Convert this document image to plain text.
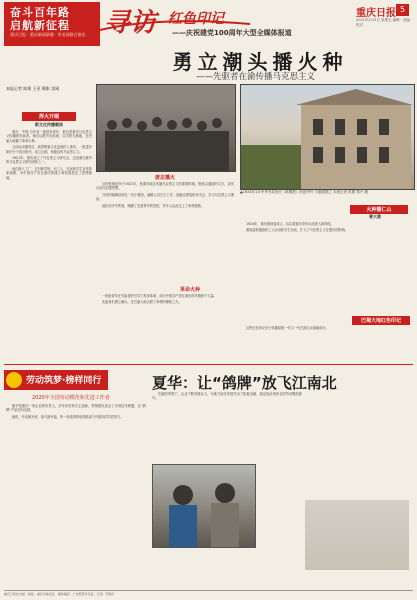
奋斗百年路
启航新征程
重庆日报 · 重庆新闻联播 · 华龙网联合推出 寻访 红色印记
——庆祝建党100周年大型全媒体报道
重庆日报 5
2021年2月5日 星期五 编辑 · 美编 · 校对
勇立潮头播火种
——先驱者在渝传播马克思主义
▲1924年1月中华书局发行《新蜀报》的创刊号 与版面图之 本报记者 供图 郑兴 摄
本报记者 陈维 王亚 摄影 雷刚
挥火开端
新文化传播载体

重庆，中国·百年前一批进步青年，他们是重庆马克思主义传播的先驱者。他们以报刊为阵地，以学校为基地，在巴渝大地播下革命火种。

五四运动爆发后，新思想新文化迅速传入重庆。一批进步知识分子创办报刊、成立社团，积极宣传马克思主义。

1921年，重庆成立了马克思主义研究会，这是重庆最早的马克思主义研究团体之一。

他们深入工厂、农村和学校，向工人、农民和学生宣传革命道理，为中国共产党在重庆的建立和发展奠定了思想基础。	唐志播火

这份报纸创刊于1921年，是重庆地区传播马克思主义的重要阵地。报纸以通俗的文字，宣传反帝反封建思想。

当时的编辑部设在一处小楼里，编辑人员白天工作，夜晚还要组织读书会，学习马克思主义理论。

他们用手中的笔，唤醒了无数青年的觉悟，许多人由此走上了革命道路。

革命火种

一批批青年在先驱者的引导下投身革命，成为中国共产党在重庆的早期骨干力量。

先驱者们勇立潮头，在巴渝大地点燃了革命的燎原之火。

火种播仁山
曾大港

1924年，重庆团地委成立，标志着重庆青年运动进入新阶段。

团地委积极组织工人运动和学生运动，扩大了马克思主义在重庆的影响。

巴蜀大地红色印记

这些红色印记至今仍激励着一代又一代巴渝儿女砥砺前行。

劳动筑梦·榜样同行
2020年全国劳动模范和先进工作者
夏华：让“鸽牌”放飞江南北

夏华是重庆一家企业的负责人，多年来坚持自主创新，带领团队攻克了多项技术难题，让“鸽牌”产品走向全国。

她说，劳动最光荣，奋斗最幸福。每一项成绩的取得都离不开团队的共同努力。

在她的带领下，企业不断发展壮大，为地方经济发展作出了积极贡献，她也因此荣获全国劳动模范称号。

重庆日报社出版 · 地址：重庆市渝北区 · 邮政编码 · 广告经营许可证 · 订阅 · 零售价
